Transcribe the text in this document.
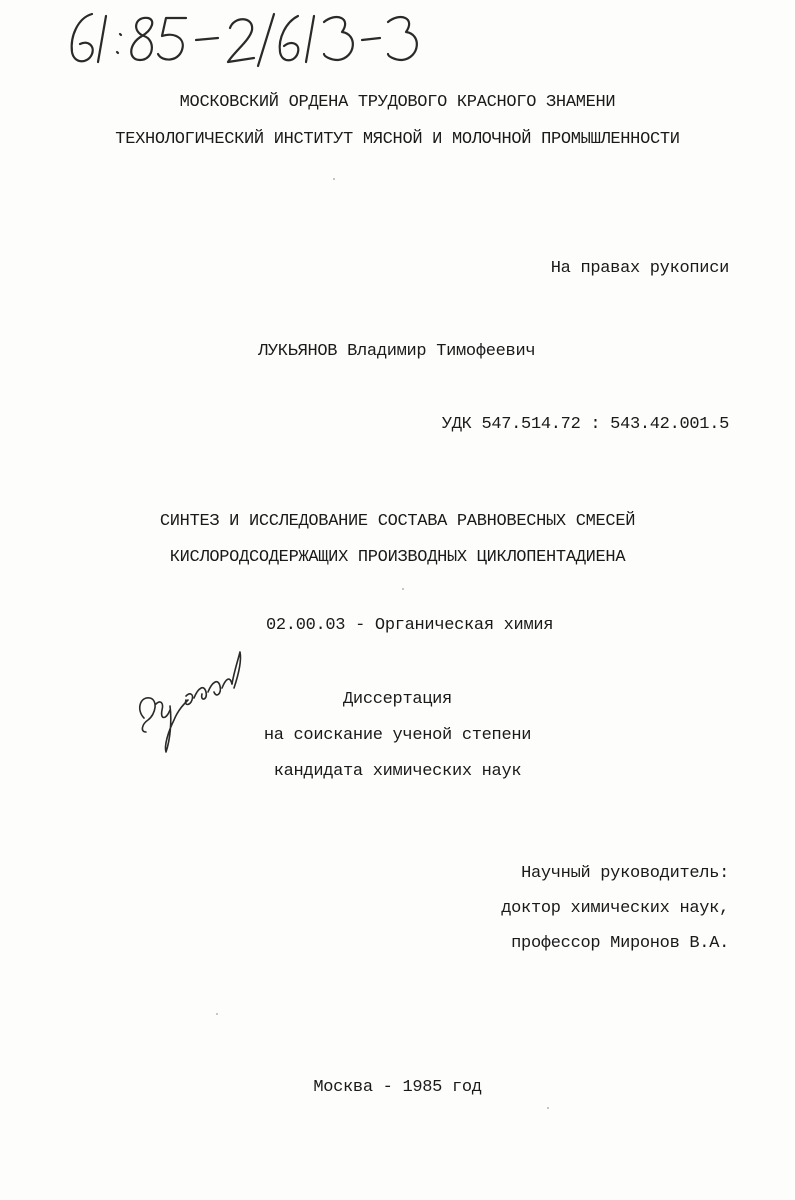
МОСКОВСКИЙ ОРДЕНА ТРУДОВОГО КРАСНОГО ЗНАМЕНИ
ТЕХНОЛОГИЧЕСКИЙ ИНСТИТУТ МЯСНОЙ И МОЛОЧНОЙ ПРОМЫШЛЕННОСТИ
На правах рукописи
ЛУКЬЯНОВ Владимир Тимофеевич
УДК 547.514.72 : 543.42.001.5
СИНТЕЗ И ИССЛЕДОВАНИЕ СОСТАВА РАВНОВЕСНЫХ СМЕСЕЙ
КИСЛОРОДСОДЕРЖАЩИХ ПРОИЗВОДНЫХ ЦИКЛОПЕНТАДИЕНА
02.00.03 - Органическая химия
Диссертация
на соискание ученой степени
кандидата химических наук
Научный руководитель:
доктор химических наук,
профессор Миронов В.А.
Москва - 1985 год
